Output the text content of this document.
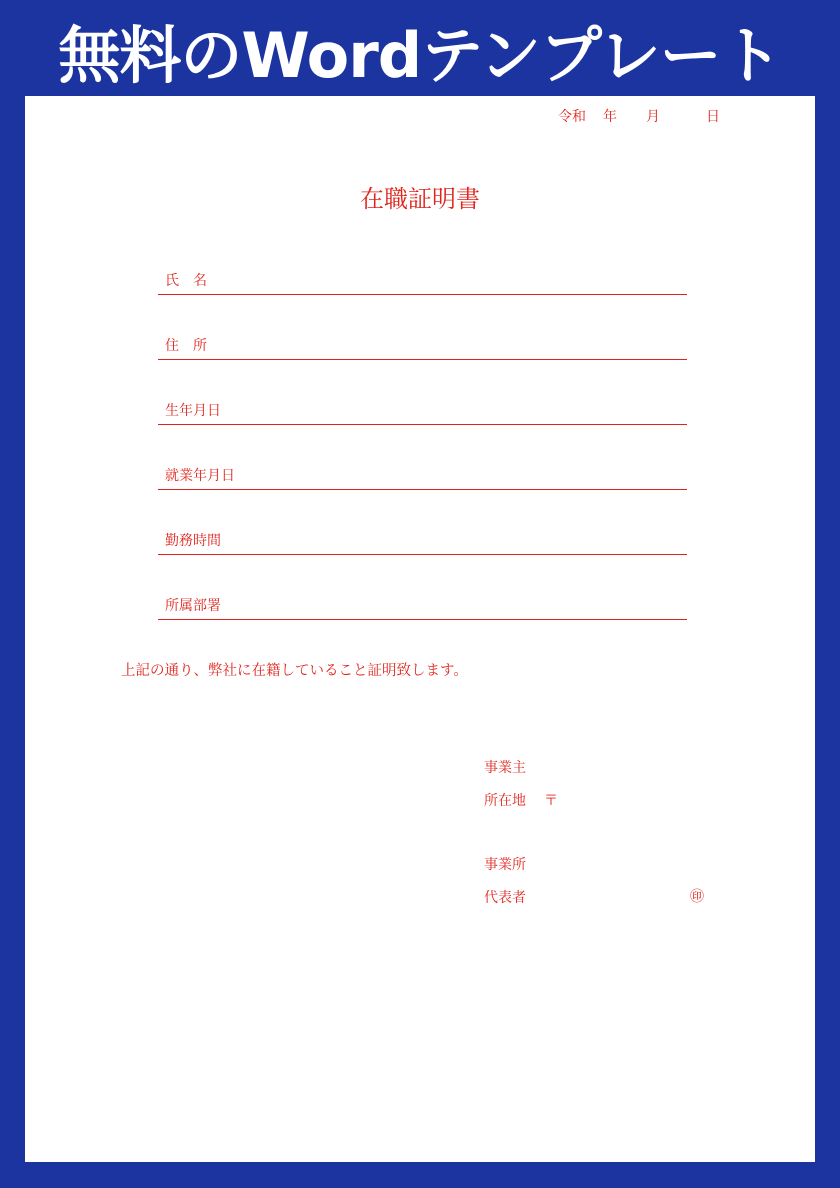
無料のWordテンプレート
令和 年 月	日
在職証明書
氏　名
住　所
生年月日
就業年月日
勤務時間
所属部署
上記の通り、弊社に在籍していること証明致します。
事業主
所在地 〒
事業所
代表者	㊞
